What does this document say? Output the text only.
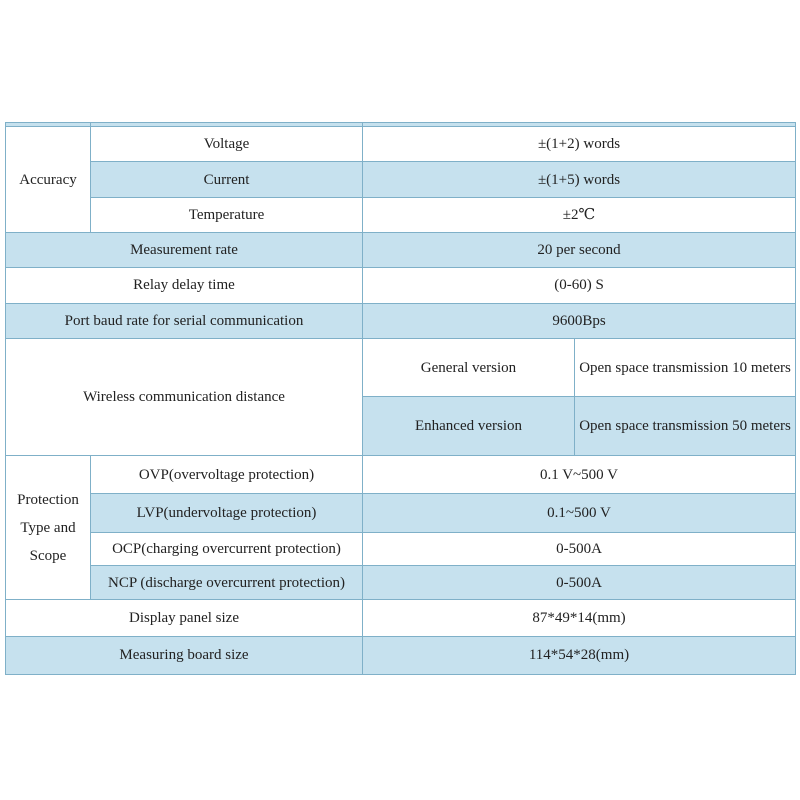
Accuracy	Voltage	±(1+2) words	
	Current	±(1+5) words	
	Temperature	±2℃	
Measurement rate		20 per second	
Relay delay time		(0-60) S	
Port baud rate for serial communication		9600Bps	
Wireless communication distance		General version	Open space transmission 10 meters
		Enhanced version	Open space transmission 50 meters
Protection Type and Scope	OVP(overvoltage protection)	0.1 V~500 V	
	LVP(undervoltage protection)	0.1~500 V	
	OCP(charging overcurrent protection)	0-500A	
	NCP (discharge overcurrent protection)	0-500A	
Display panel size		87*49*14(mm)	
Measuring board size		114*54*28(mm)	
